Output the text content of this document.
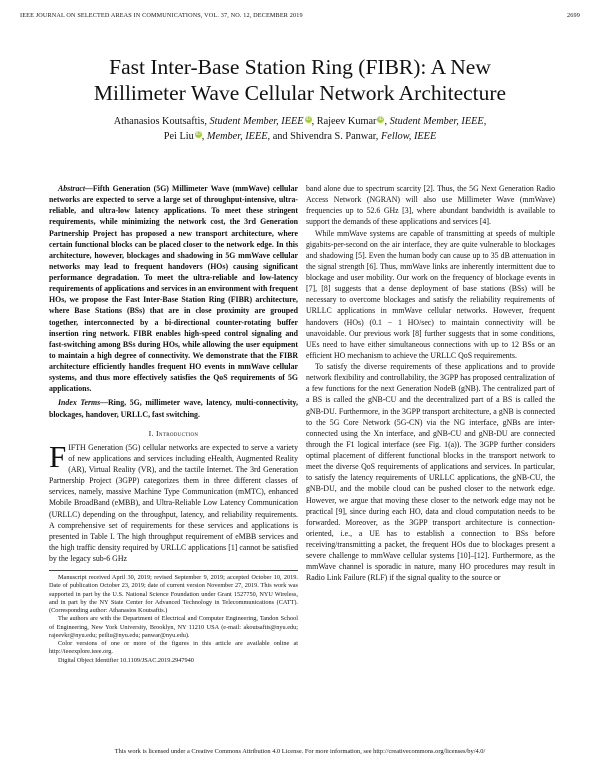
IEEE JOURNAL ON SELECTED AREAS IN COMMUNICATIONS, VOL. 37, NO. 12, DECEMBER 2019	2699
Fast Inter-Base Station Ring (FIBR): A New
Millimeter Wave Cellular Network Architecture
Athanasios Koutsaftis, Student Member, IEEE iD, Rajeev Kumar iD, Student Member, IEEE,
Pei Liu iD, Member, IEEE, and Shivendra S. Panwar, Fellow, IEEE

Abstract—Fifth Generation (5G) Millimeter Wave (mmWave) cellular networks are expected to serve a large set of throughput-intensive, ultra-reliable, and ultra-low latency applications. To meet these stringent requirements, while minimizing the network cost, the 3rd Generation Partnership Project has proposed a new transport architecture, where certain functional blocks can be placed closer to the network edge. In this architecture, however, blockages and shadowing in 5G mmWave cellular networks may lead to frequent handovers (HOs) causing significant performance degradation. To meet the ultra-reliable and low-latency requirements of applications and services in an environment with frequent HOs, we propose the Fast Inter-Base Station Ring (FIBR) architecture, where Base Stations (BSs) that are in close proximity are grouped together, interconnected by a bi-directional counter-rotating buffer insertion ring network. FIBR enables high-speed control signaling and fast-switching among BSs during HOs, while allowing the user equipment to maintain a high degree of connectivity. We demonstrate that the FIBR architecture efficiently handles frequent HO events in mmWave cellular systems, and thus more effectively satisfies the QoS requirements of 5G applications.

Index Terms—Ring, 5G, millimeter wave, latency, multi-connectivity, blockages, handover, URLLC, fast switching.

I. Introduction

FIFTH Generation (5G) cellular networks are expected to serve a variety of new applications and services including eHealth, Augmented Reality (AR), Virtual Reality (VR), and the tactile Internet. The 3rd Generation Partnership Project (3GPP) categorizes them in three different classes of services, namely, massive Machine Type Communication (mMTC), enhanced Mobile BroadBand (eMBB), and Ultra-Reliable Low Latency Communication (URLLC) depending on the throughput, latency, and reliability requirements. A comprehensive set of requirements for these services and applications is presented in Table I. The high throughput requirement of eMBB services and the high traffic density required by URLLC applications [1] cannot be satisfied by the legacy sub-6 GHz

Manuscript received April 30, 2019; revised September 9, 2019; accepted October 10, 2019. Date of publication October 23, 2019; date of current version November 27, 2019. This work was supported in part by the U.S. National Science Foundation under Grant 1527750, NYU Wireless, and in part by the NY State Center for Advanced Technology in Telecommunications (CATT). (Corresponding author: Athanasios Koutsaftis.)

The authors are with the Department of Electrical and Computer Engineering, Tandon School of Engineering, New York University, Brooklyn, NY 11210 USA (e-mail: akoutsaftis@nyu.edu; rajeevkr@nyu.edu; peiliu@nyu.edu; panwar@nyu.edu).

Color versions of one or more of the figures in this article are available online at http://ieeexplore.ieee.org.

Digital Object Identifier 10.1109/JSAC.2019.2947940

band alone due to spectrum scarcity [2]. Thus, the 5G Next Generation Radio Access Network (NGRAN) will also use Millimeter Wave (mmWave) frequencies up to 52.6 GHz [3], where abundant bandwidth is available to support the demands of these applications and services [4].

While mmWave systems are capable of transmitting at speeds of multiple gigabits-per-second on the air interface, they are quite vulnerable to blockages and shadowing [5]. Even the human body can cause up to 35 dB attenuation in the signal strength [6]. Thus, mmWave links are inherently intermittent due to blockage and user mobility. Our work on the frequency of blockage events in [7], [8] suggests that a dense deployment of base stations (BSs) will be necessary to overcome blockages and satisfy the reliability requirements of URLLC applications in mmWave cellular networks. However, frequent handovers (HOs) (0.1 − 1 HO/sec) to maintain connectivity will be unavoidable. Our previous work [8] further suggests that in some conditions, UEs need to have either simultaneous connections with up to 12 BSs or an efficient HO mechanism to achieve the URLLC QoS requirements.

To satisfy the diverse requirements of these applications and to provide network flexibility and controllability, the 3GPP has proposed centralization of a few functions for the next Generation NodeB (gNB). The centralized part of a BS is called the gNB-CU and the decentralized part of a BS is called the gNB-DU. Furthermore, in the 3GPP transport architecture, a gNB is connected to the 5G Core Network (5G-CN) via the NG interface, gNBs are inter-connected using the Xn interface, and gNB-CU and gNB-DU are connected through the F1 logical interface (see Fig. 1(a)). The 3GPP further considers optimal placement of different functional blocks in the transport network to meet the diverse QoS requirements of applications and services. In particular, to satisfy the latency requirements of URLLC applications, the gNB-CU, the gNB-DU, and the mobile cloud can be pushed closer to the network edge. However, we argue that moving these closer to the network edge may not be practical [9], since during each HO, data and cloud computation needs to be forwarded. Moreover, as the 3GPP transport architecture is connection-oriented, i.e., a UE has to establish a connection to BSs before receiving/transmitting a packet, the frequent HOs due to blockages present a severe challenge to mmWave cellular systems [10]–[12]. Furthermore, as the mmWave channel is sporadic in nature, many HO procedures may result in Radio Link Failure (RLF) if the signal quality to the source or

This work is licensed under a Creative Commons Attribution 4.0 License. For more information, see http://creativecommons.org/licenses/by/4.0/
